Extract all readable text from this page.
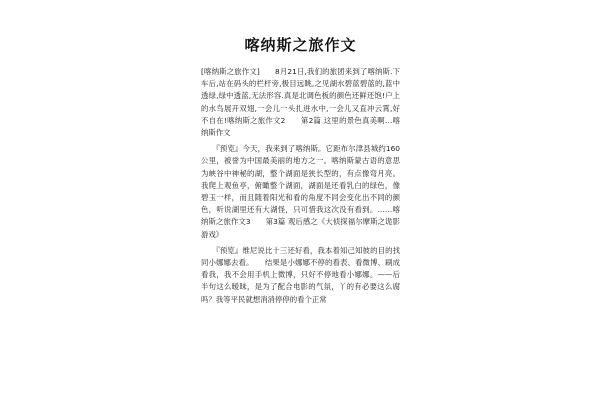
喀纳斯之旅作文

[喀纳斯之旅作文]　　8月21日,我们的旅团来到了喀纳斯.下车后,站在码头的栏杆旁,极目远眺,之见湖水碧蓝碧蓝的,蓝中透绿,绿中透蓝,无法形容.真是北调色板的颜色还鲜还饱!户上的水鸟展开双翅,一会儿一头扎进水中,一会儿又直冲云霄,好不自在!喀纳斯之旅作文2　　第2篇 这里的景色真美啊…喀纳斯作文

　　『预览』今天，我来到了喀纳斯。它距布尔津县城约160公里，被誉为中国最美丽的地方之一。喀纳斯蒙古语的意思为峡谷中神秘的湖，整个湖面是狭长型的，有点像弯月亮。我爬上观鱼亭，俯瞰整个湖面，湖面是还看乳白的绿色，像碧玉一样，而且随着阳光和看的角度不同会变化出不同的颜色，听说湖里还有大湖怪，只可惜我这次没有看到。……喀纳斯之旅作文3　　第3篇 观后感之《大侦探福尔摩斯之诡影游戏》

　　『预览』维尼说比十三还好看，我本着知己知彼的目的找同小娜娜去看。　　结果是小娜娜不停的看表、看微博、刷成看我，我不会用手机上微博，只好不停地看小娜娜。——后半句这么暧昧，是为了配合电影的气氛，丫的有必要这么腐吗？我等平民就想消消停停的看个正常
